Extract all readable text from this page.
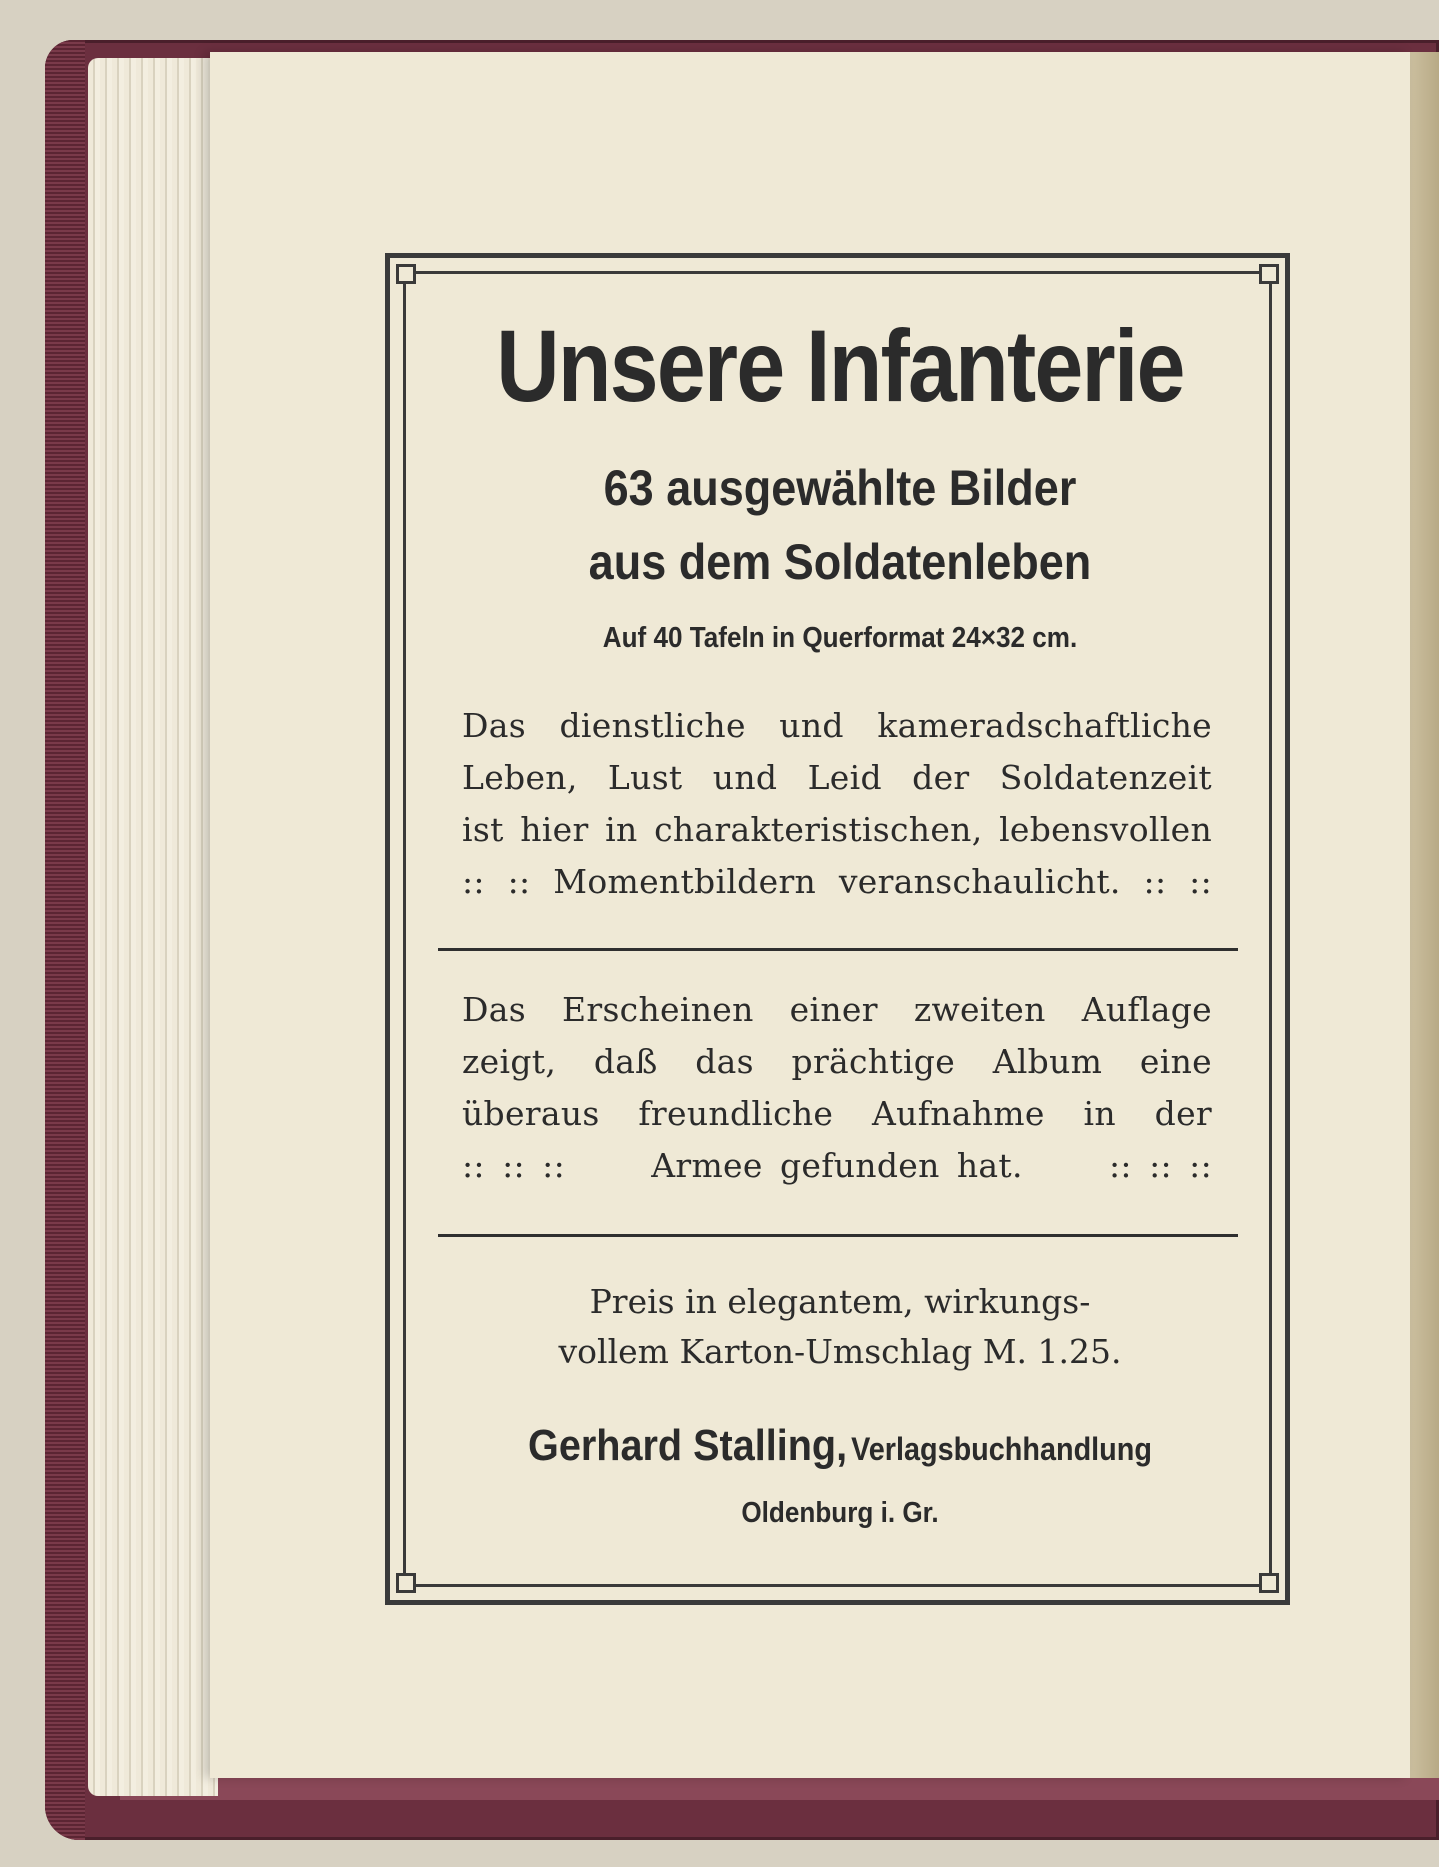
Unsere Infanterie
63 ausgewählte Bilder
aus dem Soldatenleben
Auf 40 Tafeln in Querformat 24×32 cm.
Das dienstliche und kameradschaftliche
Leben, Lust und Leid der Soldatenzeit
ist hier in charakteristischen, lebensvollen
:: :: Momentbildern veranschaulicht. :: ::
Das Erscheinen einer zweiten Auflage
zeigt, daß das prächtige Album eine
überaus freundliche Aufnahme in der
:: :: ::     Armee gefunden hat.     :: :: ::
Preis in elegantem, wirkungs-
vollem Karton-Umschlag M. 1.25.
Gerhard Stalling, Verlagsbuchhandlung
Oldenburg i. Gr.
